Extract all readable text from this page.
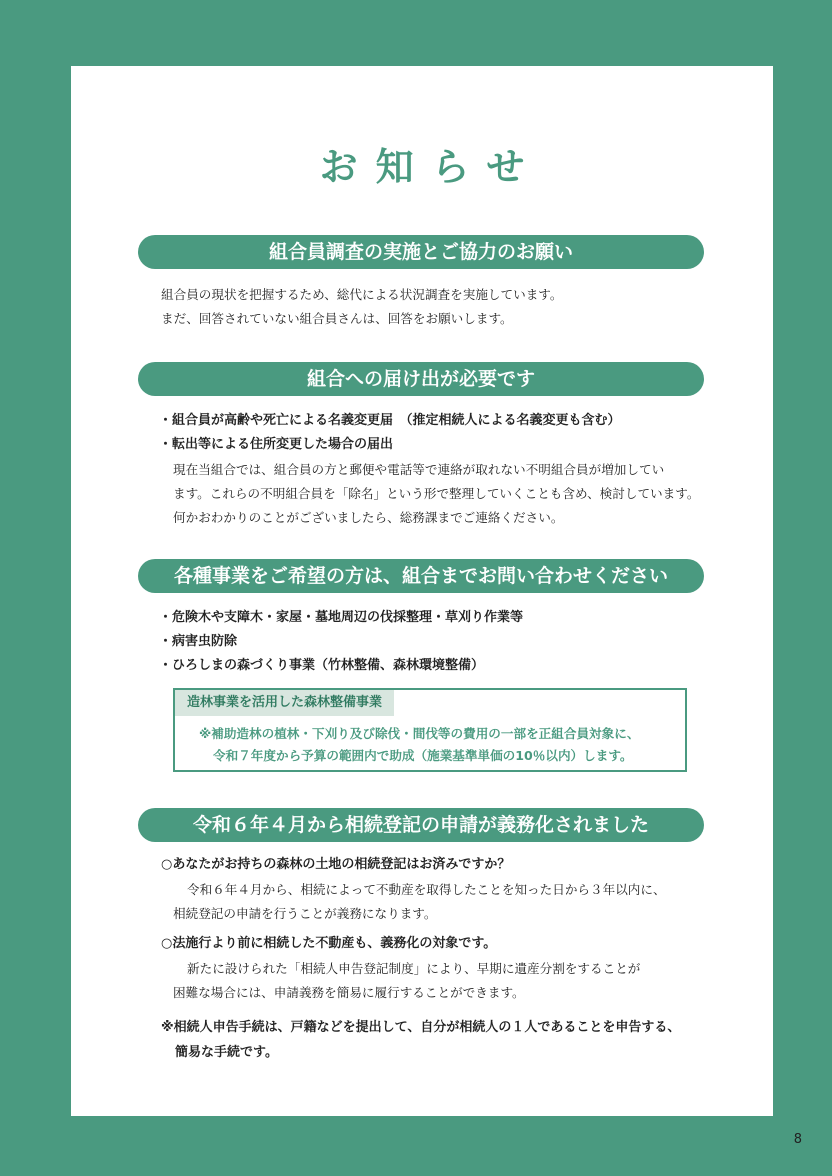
お知らせ
組合員調査の実施とご協力のお願い
組合員の現状を把握するため、総代による状況調査を実施しています。
まだ、回答されていない組合員さんは、回答をお願いします。
組合への届け出が必要です
・組合員が高齢や死亡による名義変更届　（推定相続人による名義変更も含む）
・転出等による住所変更した場合の届出
現在当組合では、組合員の方と郵便や電話等で連絡が取れない不明組合員が増加してい
ます。これらの不明組合員を「除名」という形で整理していくことも含め、検討しています。
何かおわかりのことがございましたら、総務課までご連絡ください。
各種事業をご希望の方は、組合までお問い合わせください
・危険木や支障木・家屋・墓地周辺の伐採整理・草刈り作業等
・病害虫防除
・ひろしまの森づくり事業（竹林整備、森林環境整備）
造林事業を活用した森林整備事業
※補助造林の植林・下刈り及び除伐・間伐等の費用の一部を正組合員対象に、
令和７年度から予算の範囲内で助成（施業基準単価の10％以内）します。
令和６年４月から相続登記の申請が義務化されました
○あなたがお持ちの森林の土地の相続登記はお済みですか？
令和６年４月から、相続によって不動産を取得したことを知った日から３年以内に、
相続登記の申請を行うことが義務になります。
○法施行より前に相続した不動産も、義務化の対象です。
新たに設けられた「相続人申告登記制度」により、早期に遺産分割をすることが
困難な場合には、申請義務を簡易に履行することができます。
※相続人申告手続は、戸籍などを提出して、自分が相続人の１人であることを申告する、
簡易な手続です。
8
